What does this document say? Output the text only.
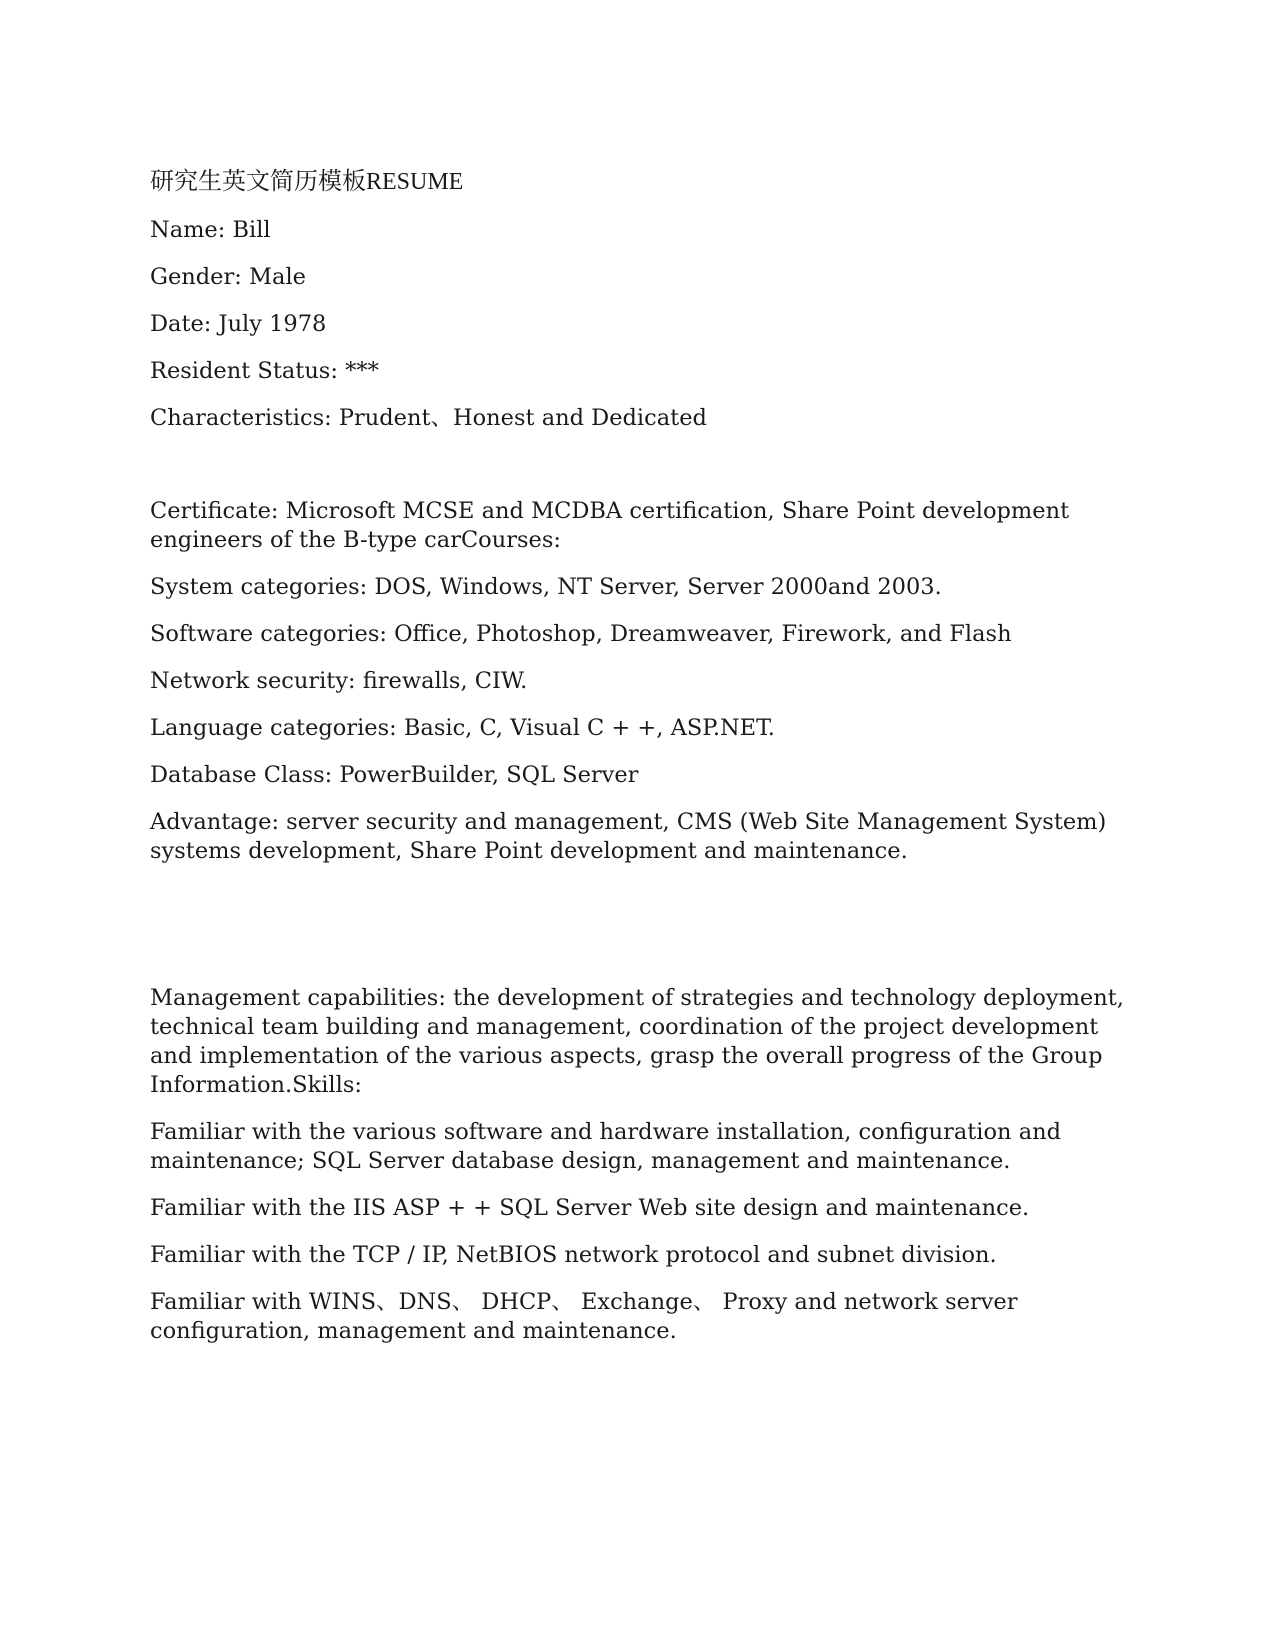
研究生英文简历模板RESUME

Name: Bill

Gender: Male

Date: July 1978

Resident Status: ***

Characteristics: Prudent、Honest and Dedicated

Certificate: Microsoft MCSE and MCDBA certification, Share Point development engineers of the B-type carCourses:

System categories: DOS, Windows, NT Server, Server 2000and 2003.

Software categories: Office, Photoshop, Dreamweaver, Firework, and Flash

Network security: firewalls, CIW.

Language categories: Basic, C, Visual C + +, ASP.NET.

Database Class: PowerBuilder, SQL Server

Advantage: server security and management, CMS (Web Site Management System) systems development, Share Point development and maintenance.

Management capabilities: the development of strategies and technology deployment, technical team building and management, coordination of the project development and implementation of the various aspects, grasp the overall progress of the Group Information.Skills:

Familiar with the various software and hardware installation, configuration and maintenance; SQL Server database design, management and maintenance.

Familiar with the IIS ASP + + SQL Server Web site design and maintenance.

Familiar with the TCP / IP, NetBIOS network protocol and subnet division.

Familiar with WINS、DNS、 DHCP、 Exchange、 Proxy and network server configuration, management and maintenance.
